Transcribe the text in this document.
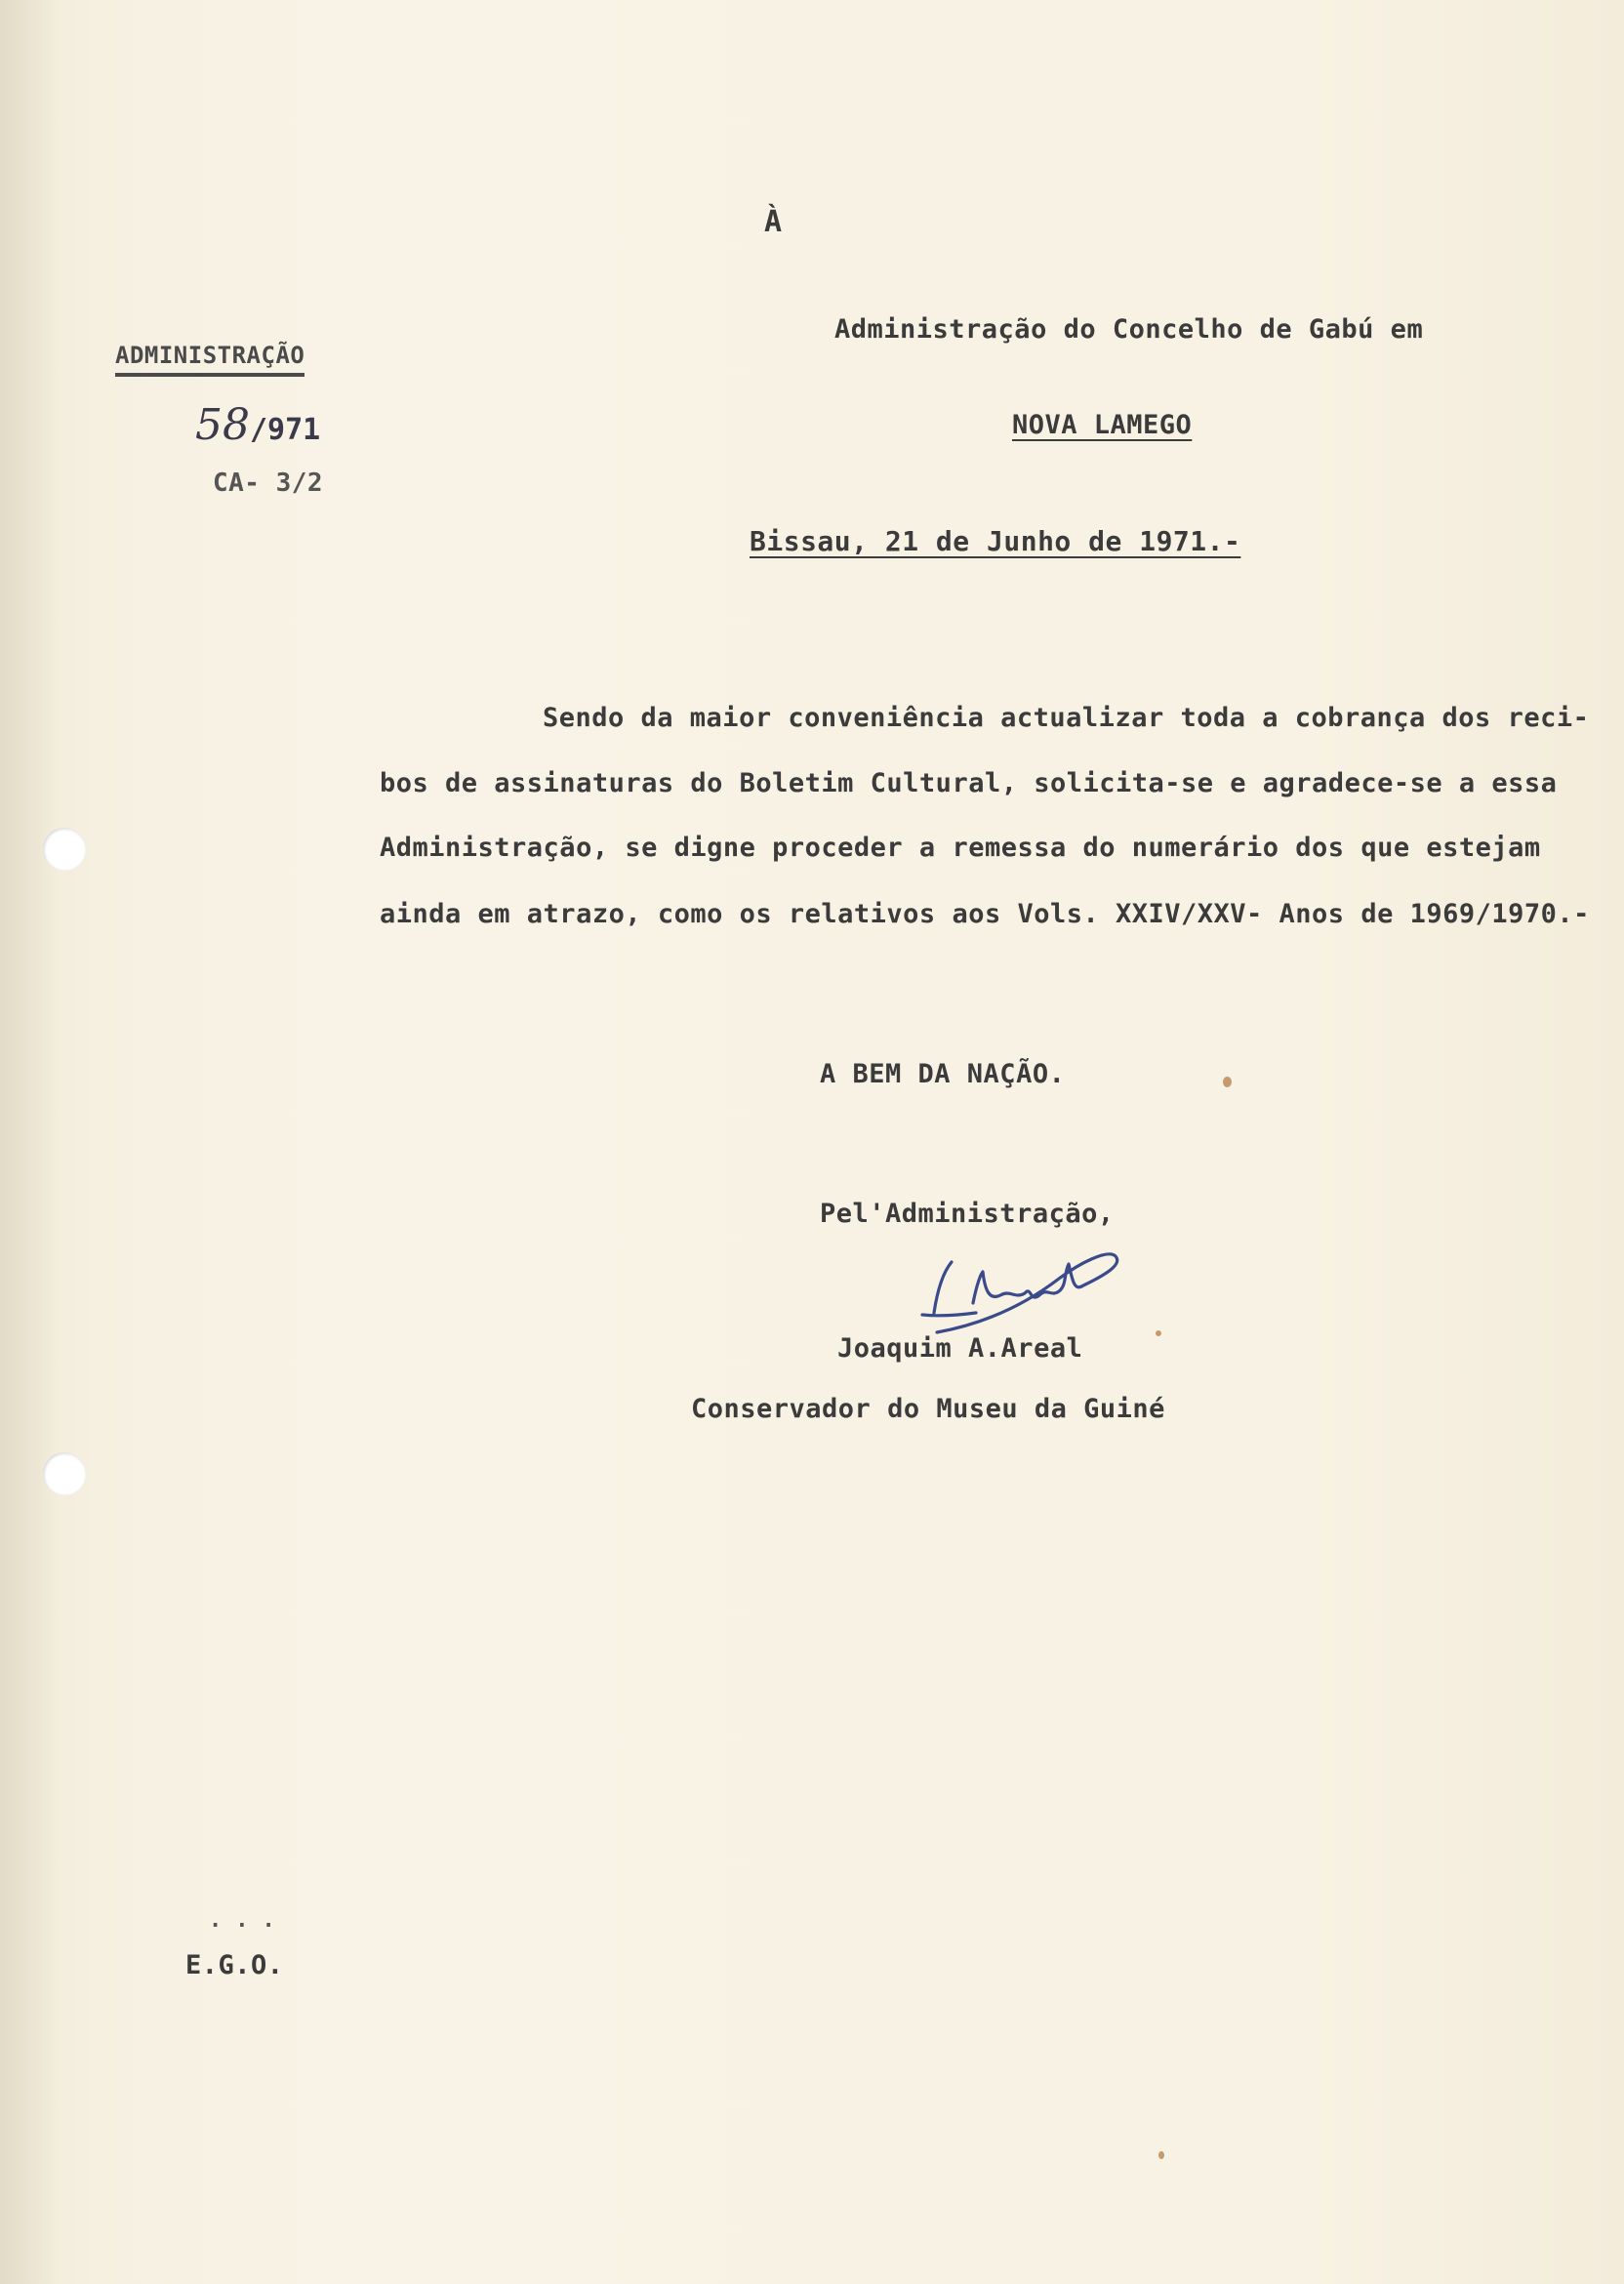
À

Administração do Concelho de Gabú em

NOVA LAMEGO

Bissau, 21 de Junho de 1971.-

ADMINISTRAÇÃO

58/971

CA- 3/2

Sendo da maior conveniência actualizar toda a cobrança dos reci-

bos de assinaturas do Boletim Cultural, solicita-se e agradece-se a essa

Administração, se digne proceder a remessa do numerário dos que estejam

ainda em atrazo, como os relativos aos Vols. XXIV/XXV- Anos de 1969/1970.-

A BEM DA NAÇÃO.

Pel'Administração,

Joaquim A.Areal

Conservador do Museu da Guiné

...

E.G.O.
